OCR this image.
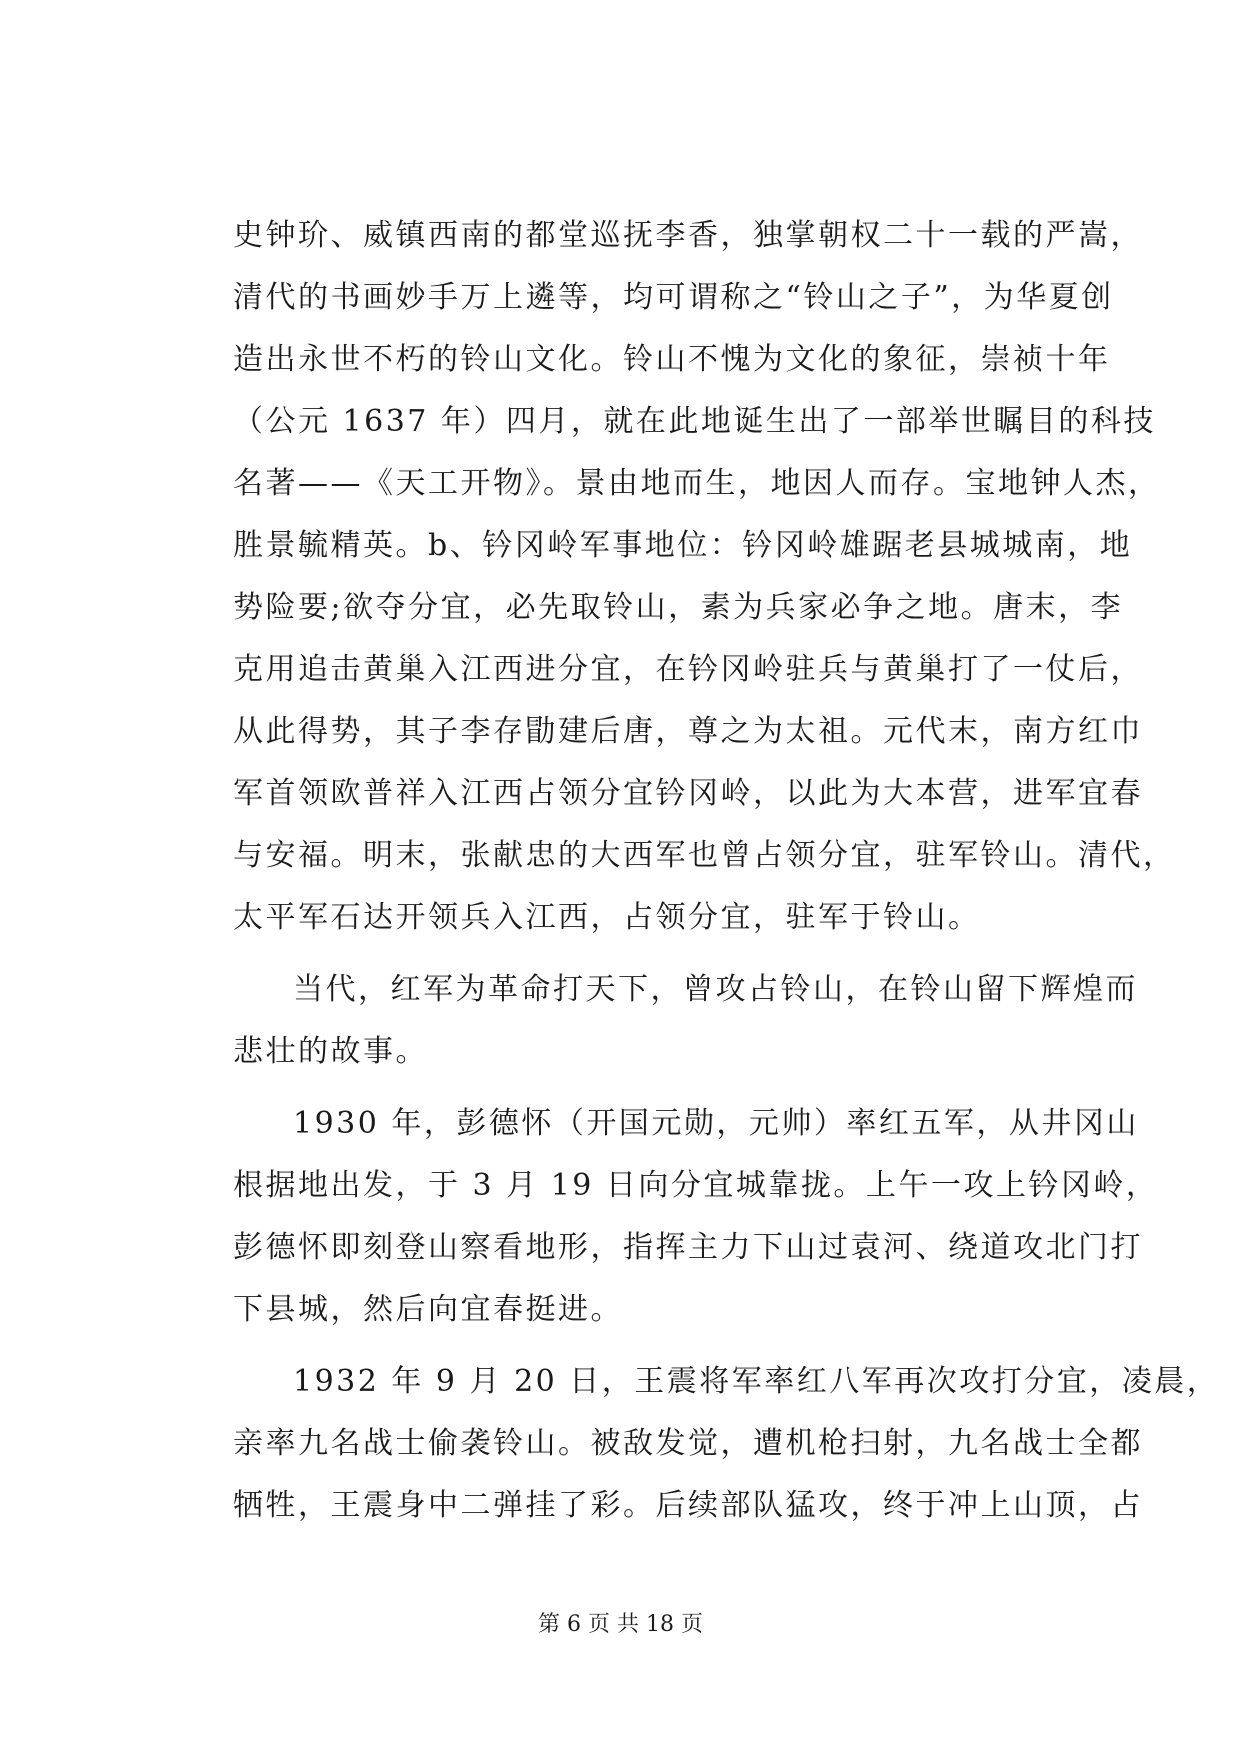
史钟玠、威镇西南的都堂巡抚李香，独掌朝权二十一载的严嵩，
清代的书画妙手万上遴等，均可谓称之“铃山之子”，为华夏创
造出永世不朽的铃山文化。铃山不愧为文化的象征，崇祯十年
（公元 1637 年）四月，就在此地诞生出了一部举世瞩目的科技
名著——《天工开物》。景由地而生，地因人而存。宝地钟人杰，
胜景毓精英。b、钤冈岭军事地位：钤冈岭雄踞老县城城南，地
势险要;欲夺分宜，必先取铃山，素为兵家必争之地。唐末，李
克用追击黄巢入江西进分宜，在钤冈岭驻兵与黄巢打了一仗后，
从此得势，其子李存勖建后唐，尊之为太祖。元代末，南方红巾
军首领欧普祥入江西占领分宜钤冈岭，以此为大本营，进军宜春
与安福。明末，张献忠的大西军也曾占领分宜，驻军铃山。清代，
太平军石达开领兵入江西，占领分宜，驻军于铃山。
当代，红军为革命打天下，曾攻占铃山，在铃山留下辉煌而
悲壮的故事。
1930 年，彭德怀（开国元勋，元帅）率红五军，从井冈山
根据地出发，于 3 月 19 日向分宜城靠拢。上午一攻上钤冈岭，
彭德怀即刻登山察看地形，指挥主力下山过袁河、绕道攻北门打
下县城，然后向宜春挺进。
1932 年 9 月 20 日，王震将军率红八军再次攻打分宜，凌晨，
亲率九名战士偷袭铃山。被敌发觉，遭机枪扫射，九名战士全都
牺牲，王震身中二弹挂了彩。后续部队猛攻，终于冲上山顶，占
第 6 页 共 18 页
